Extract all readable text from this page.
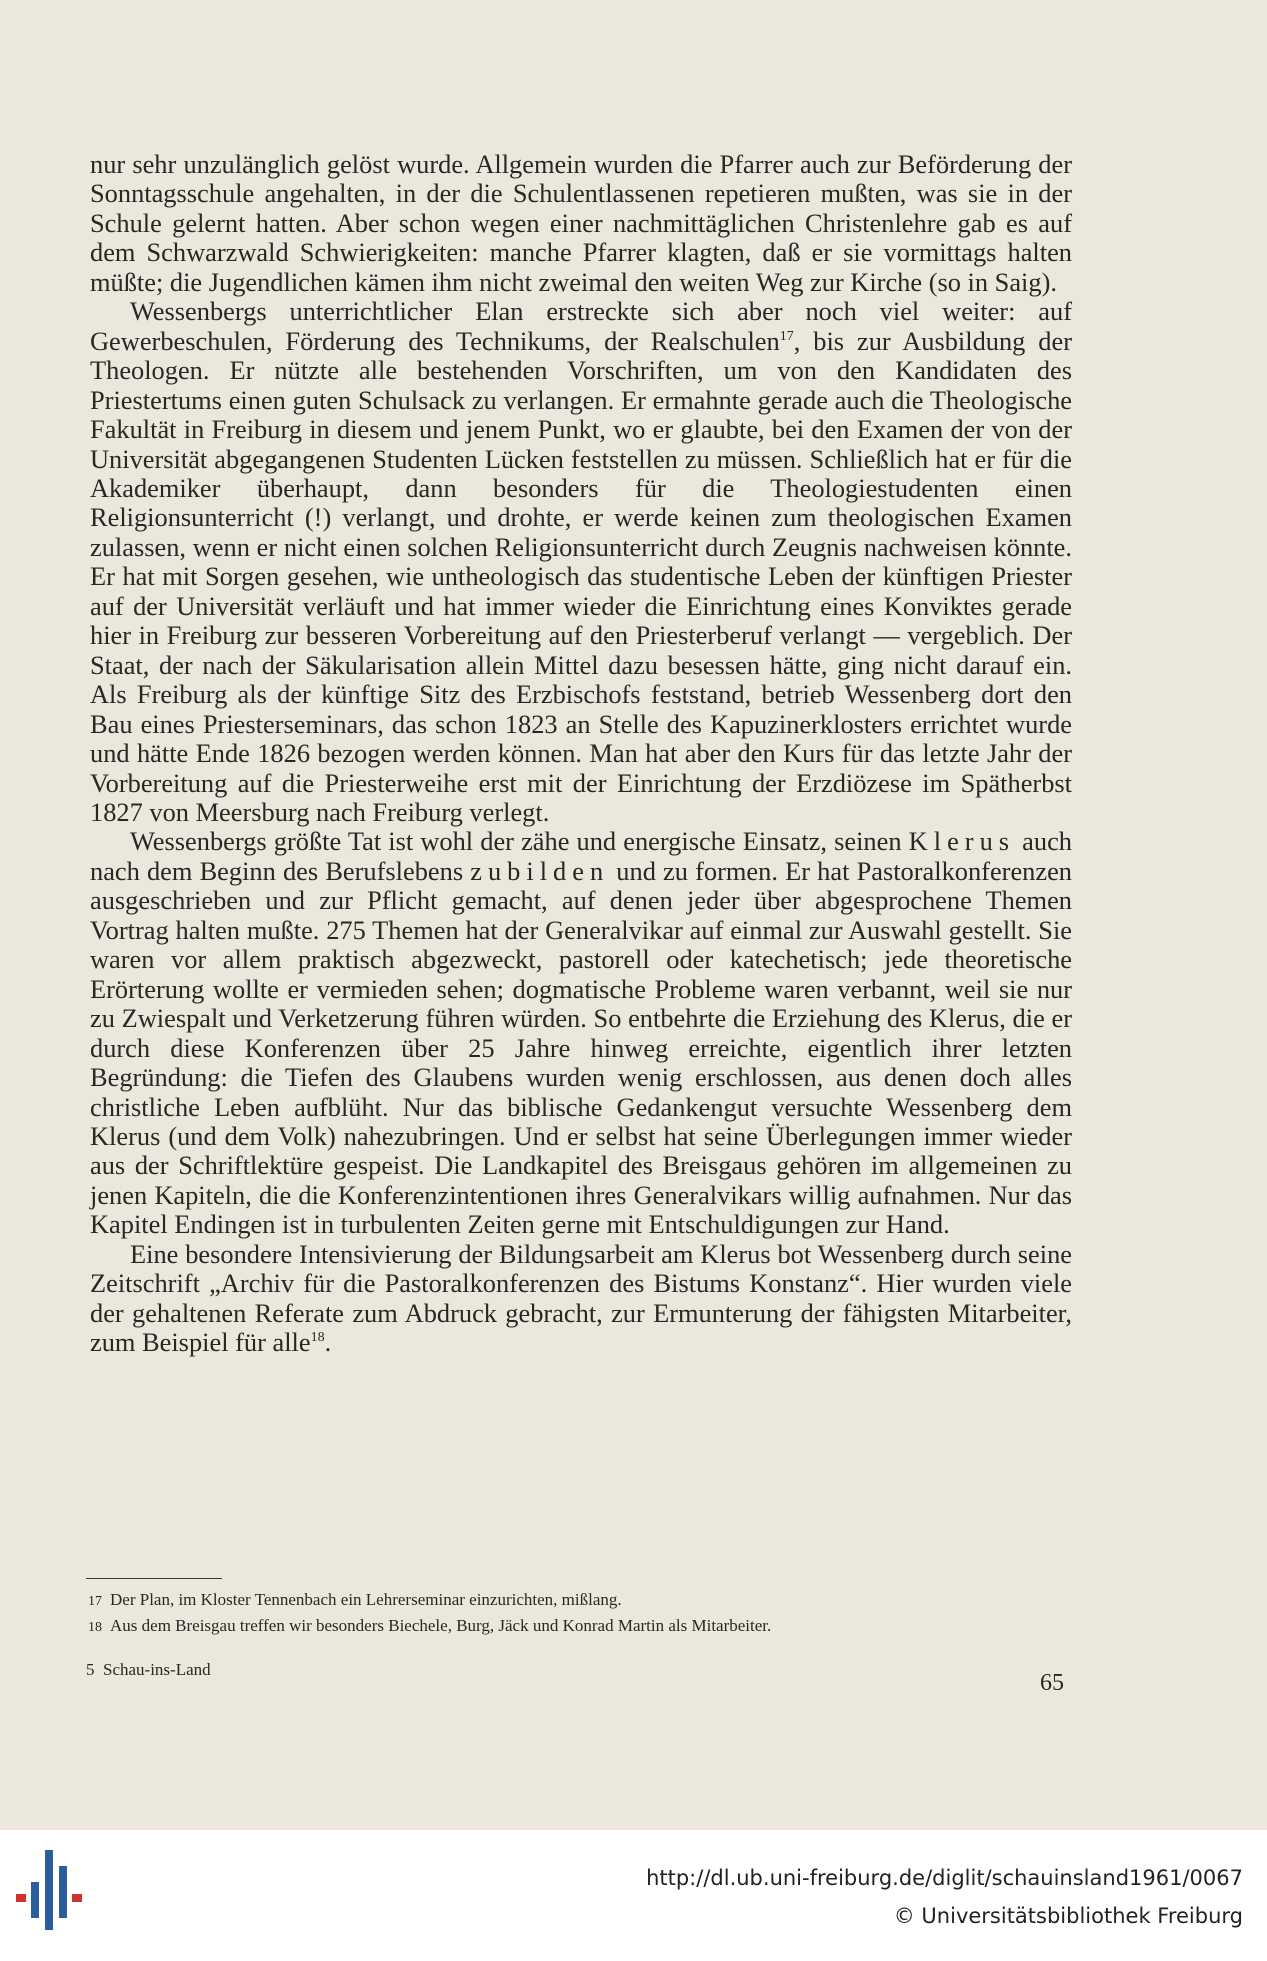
nur sehr unzulänglich gelöst wurde. Allgemein wurden die Pfarrer auch zur Beförderung der Sonntagsschule angehalten, in der die Schulentlassenen repetieren mußten, was sie in der Schule gelernt hatten. Aber schon wegen einer nachmittäglichen Christenlehre gab es auf dem Schwarzwald Schwierigkeiten: manche Pfarrer klagten, daß er sie vormittags halten müßte; die Jugendlichen kämen ihm nicht zweimal den weiten Weg zur Kirche (so in Saig).

Wessenbergs unterrichtlicher Elan erstreckte sich aber noch viel weiter: auf Gewerbeschulen, Förderung des Technikums, der Realschulen$^{17}$, bis zur Ausbildung der Theologen. Er nützte alle bestehenden Vorschriften, um von den Kandidaten des Priestertums einen guten Schulsack zu verlangen. Er ermahnte gerade auch die Theologische Fakultät in Freiburg in diesem und jenem Punkt, wo er glaubte, bei den Examen der von der Universität abgegangenen Studenten Lücken feststellen zu müssen. Schließlich hat er für die Akademiker überhaupt, dann besonders für die Theologiestudenten einen Religionsunterricht (!) verlangt, und drohte, er werde keinen zum theologischen Examen zulassen, wenn er nicht einen solchen Religionsunterricht durch Zeugnis nachweisen könnte. Er hat mit Sorgen gesehen, wie untheologisch das studentische Leben der künftigen Priester auf der Universität verläuft und hat immer wieder die Einrichtung eines Konviktes gerade hier in Freiburg zur besseren Vorbereitung auf den Priesterberuf verlangt — vergeblich. Der Staat, der nach der Säkularisation allein Mittel dazu besessen hätte, ging nicht darauf ein. Als Freiburg als der künftige Sitz des Erzbischofs feststand, betrieb Wessenberg dort den Bau eines Priesterseminars, das schon 1823 an Stelle des Kapuzinerklosters errichtet wurde und hätte Ende 1826 bezogen werden können. Man hat aber den Kurs für das letzte Jahr der Vorbereitung auf die Priesterweihe erst mit der Einrichtung der Erzdiözese im Spätherbst 1827 von Meersburg nach Freiburg verlegt.

Wessenbergs größte Tat ist wohl der zähe und energische Einsatz, seinen Klerus auch nach dem Beginn des Berufslebens zubilden und zu formen. Er hat Pastoralkonferenzen ausgeschrieben und zur Pflicht gemacht, auf denen jeder über abgesprochene Themen Vortrag halten mußte. 275 Themen hat der Generalvikar auf einmal zur Auswahl gestellt. Sie waren vor allem praktisch abgezweckt, pastorell oder katechetisch; jede theoretische Erörterung wollte er vermieden sehen; dogmatische Probleme waren verbannt, weil sie nur zu Zwiespalt und Verketzerung führen würden. So entbehrte die Erziehung des Klerus, die er durch diese Konferenzen über 25 Jahre hinweg erreichte, eigentlich ihrer letzten Begründung: die Tiefen des Glaubens wurden wenig erschlossen, aus denen doch alles christliche Leben aufblüht. Nur das biblische Gedankengut versuchte Wessenberg dem Klerus (und dem Volk) nahezubringen. Und er selbst hat seine Überlegungen immer wieder aus der Schriftlektüre gespeist. Die Landkapitel des Breisgaus gehören im allgemeinen zu jenen Kapiteln, die die Konferenzintentionen ihres Generalvikars willig aufnahmen. Nur das Kapitel Endingen ist in turbulenten Zeiten gerne mit Entschuldigungen zur Hand.

Eine besondere Intensivierung der Bildungsarbeit am Klerus bot Wessenberg durch seine Zeitschrift „Archiv für die Pastoralkonferenzen des Bistums Konstanz“. Hier wurden viele der gehaltenen Referate zum Abdruck gebracht, zur Ermunterung der fähigsten Mitarbeiter, zum Beispiel für alle$^{18}$.

17 Der Plan, im Kloster Tennenbach ein Lehrerseminar einzurichten, mißlang.
18 Aus dem Breisgau treffen wir besonders Biechele, Burg, Jäck und Konrad Martin als Mitarbeiter.
5  Schau-ins-Land
65
http://dl.ub.uni-freiburg.de/diglit/schauinsland1961/0067
© Universitätsbibliothek Freiburg
